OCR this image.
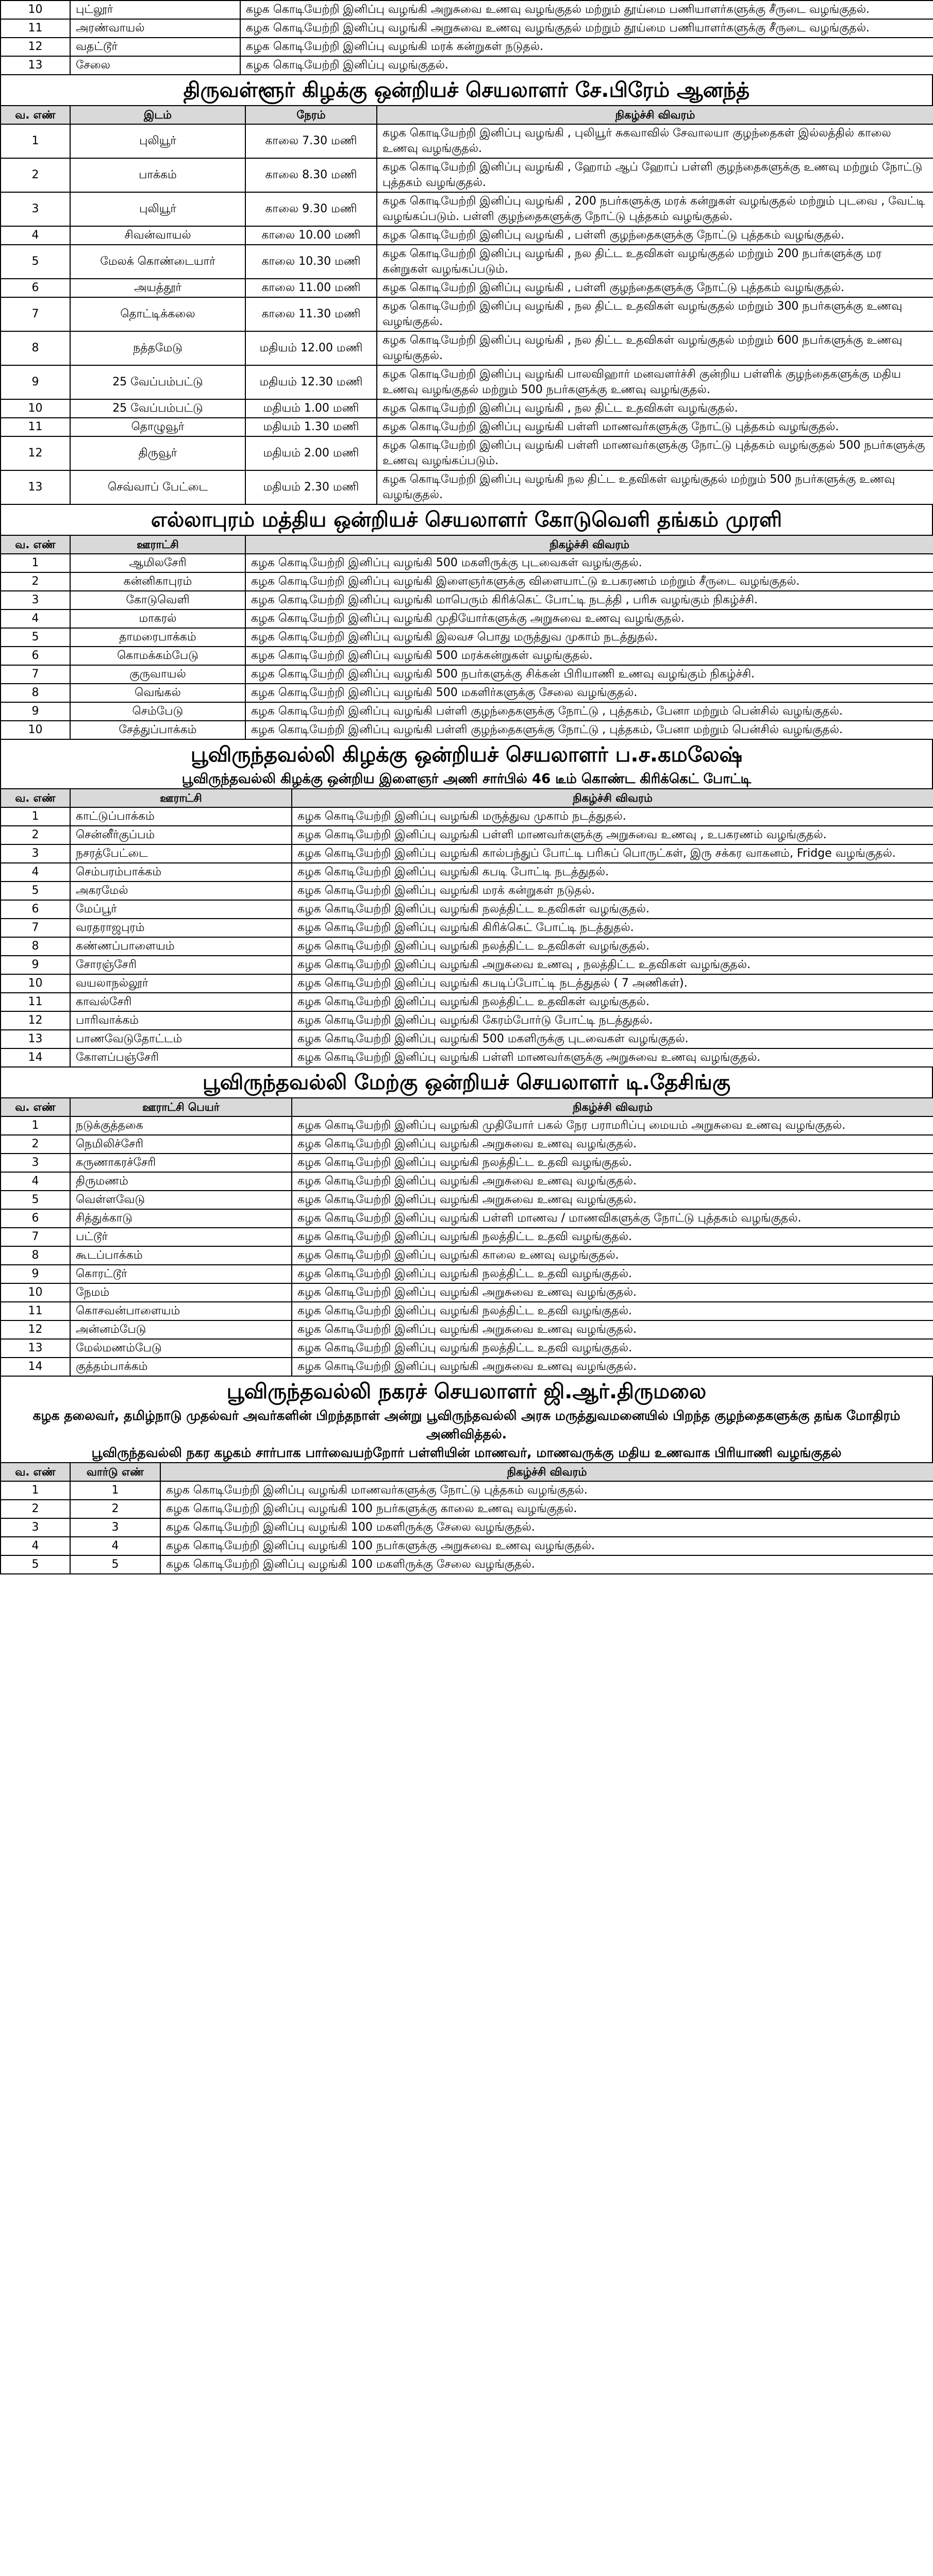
10	புட்லூர்	கழக கொடியேற்றி இனிப்பு வழங்கி அறுசுவை உணவு வழங்குதல் மற்றும் தூய்மை பணியாளர்களுக்கு சீருடை வழங்குதல்.
11	அரண்வாயல்	கழக கொடியேற்றி இனிப்பு வழங்கி அறுசுவை உணவு வழங்குதல் மற்றும் தூய்மை பணியாளர்களுக்கு சீருடை வழங்குதல்.
12	வதட்டூர்	கழக கொடியேற்றி இனிப்பு வழங்கி மரக் கன்றுகள் நடுதல்.
13	சேலை	கழக கொடியேற்றி இனிப்பு வழங்குதல்.
திருவள்ளூர் கிழக்கு ஒன்றியச் செயலாளர் சே.பிரேம் ஆனந்த்
வ. எண்	இடம்	நேரம்	நிகழ்ச்சி விவரம்
1	புலியூர்	காலை 7.30 மணி	கழக கொடியேற்றி இனிப்பு வழங்கி , புலியூர் சுகவாவில் சேவாலயா குழந்தைகள் இல்லத்தில் காலை உணவு வழங்குதல்.
2	பாக்கம்	காலை 8.30 மணி	கழக கொடியேற்றி இனிப்பு வழங்கி , ஹோம் ஆப் ஹோப் பள்ளி குழந்தைகளுக்கு உணவு மற்றும் நோட்டு புத்தகம் வழங்குதல்.
3	புலியூர்	காலை 9.30 மணி	கழக கொடியேற்றி இனிப்பு வழங்கி , 200 நபர்களுக்கு மரக் கன்றுகள் வழங்குதல் மற்றும் புடவை , வேட்டி வழங்கப்படும். பள்ளி குழந்தைகளுக்கு நோட்டு புத்தகம் வழங்குதல்.
4	சிவன்வாயல்	காலை 10.00 மணி	கழக கொடியேற்றி இனிப்பு வழங்கி , பள்ளி குழந்தைகளுக்கு நோட்டு புத்தகம் வழங்குதல்.
5	மேலக் கொண்டையார்	காலை 10.30 மணி	கழக கொடியேற்றி இனிப்பு வழங்கி , நல திட்ட உதவிகள் வழங்குதல் மற்றும் 200 நபர்களுக்கு மர கன்றுகள் வழங்கப்படும்.
6	அயத்தூர்	காலை 11.00 மணி	கழக கொடியேற்றி இனிப்பு வழங்கி , பள்ளி குழந்தைகளுக்கு நோட்டு புத்தகம் வழங்குதல்.
7	தொட்டிக்கலை	காலை 11.30 மணி	கழக கொடியேற்றி இனிப்பு வழங்கி , நல திட்ட உதவிகள் வழங்குதல் மற்றும் 300 நபர்களுக்கு உணவு வழங்குதல்.
8	நத்தமேடு	மதியம் 12.00 மணி	கழக கொடியேற்றி இனிப்பு வழங்கி , நல திட்ட உதவிகள் வழங்குதல் மற்றும் 600 நபர்களுக்கு உணவு வழங்குதல்.
9	25 வேப்பம்பட்டு	மதியம் 12.30 மணி	கழக கொடியேற்றி இனிப்பு வழங்கி பாலவிஹார் மனவளர்ச்சி குன்றிய பள்ளிக் குழந்தைகளுக்கு மதிய உணவு வழங்குதல் மற்றும் 500 நபர்களுக்கு உணவு வழங்குதல்.
10	25 வேப்பம்பட்டு	மதியம் 1.00 மணி	கழக கொடியேற்றி இனிப்பு வழங்கி , நல திட்ட உதவிகள் வழங்குதல்.
11	தொழுவூர்	மதியம் 1.30 மணி	கழக கொடியேற்றி இனிப்பு வழங்கி பள்ளி மாணவர்களுக்கு நோட்டு புத்தகம் வழங்குதல்.
12	திருவூர்	மதியம் 2.00 மணி	கழக கொடியேற்றி இனிப்பு வழங்கி பள்ளி மாணவர்களுக்கு நோட்டு புத்தகம் வழங்குதல் 500 நபர்களுக்கு உணவு வழங்கப்படும்.
13	செவ்வாப் பேட்டை	மதியம் 2.30 மணி	கழக கொடியேற்றி இனிப்பு வழங்கி நல திட்ட உதவிகள் வழங்குதல் மற்றும் 500 நபர்களுக்கு உணவு வழங்குதல்.
எல்லாபுரம் மத்திய ஒன்றியச் செயலாளர் கோடுவெளி தங்கம் முரளி
வ. எண்	ஊராட்சி	நிகழ்ச்சி விவரம்
1	ஆமிலசேரி	கழக கொடியேற்றி இனிப்பு வழங்கி 500 மகளிருக்கு புடவைகள் வழங்குதல்.
2	கன்னிகாபுரம்	கழக கொடியேற்றி இனிப்பு வழங்கி இளைஞர்களுக்கு விளையாட்டு உபகரணம் மற்றும் சீருடை வழங்குதல்.
3	கோடுவெளி	கழக கொடியேற்றி இனிப்பு வழங்கி மாபெரும் கிரிக்கெட் போட்டி நடத்தி , பரிசு வழங்கும் நிகழ்ச்சி.
4	மாகரல்	கழக கொடியேற்றி இனிப்பு வழங்கி முதியோர்களுக்கு அறுசுவை உணவு வழங்குதல்.
5	தாமரைபாக்கம்	கழக கொடியேற்றி இனிப்பு வழங்கி இலவச பொது மருத்துவ முகாம் நடத்துதல்.
6	கொமக்கம்பேடு	கழக கொடியேற்றி இனிப்பு வழங்கி 500 மரக்கன்றுகள் வழங்குதல்.
7	குருவாயல்	கழக கொடியேற்றி இனிப்பு வழங்கி 500 நபர்களுக்கு சிக்கன் பிரியாணி உணவு வழங்கும் நிகழ்ச்சி.
8	வெங்கல்	கழக கொடியேற்றி இனிப்பு வழங்கி 500 மகளிர்களுக்கு சேலை வழங்குதல்.
9	செம்பேடு	கழக கொடியேற்றி இனிப்பு வழங்கி பள்ளி குழந்தைகளுக்கு நோட்டு , புத்தகம், பேனா மற்றும் பென்சில் வழங்குதல்.
10	சேத்துப்பாக்கம்	கழக கொடியேற்றி இனிப்பு வழங்கி பள்ளி குழந்தைகளுக்கு நோட்டு , புத்தகம், பேனா மற்றும் பென்சில் வழங்குதல்.
பூவிருந்தவல்லி கிழக்கு ஒன்றியச் செயலாளர் ப.ச.கமலேஷ்
பூவிருந்தவல்லி கிழக்கு ஒன்றிய இளைஞர் அணி சார்பில் 46 டீம் கொண்ட கிரிக்கெட் போட்டி
வ. எண்	ஊராட்சி	நிகழ்ச்சி விவரம்
1	காட்டுப்பாக்கம்	கழக கொடியேற்றி இனிப்பு வழங்கி மருத்துவ முகாம் நடத்துதல்.
2	சென்னீர்குப்பம்	கழக கொடியேற்றி இனிப்பு வழங்கி பள்ளி மாணவர்களுக்கு அறுசுவை உணவு , உபகரணம் வழங்குதல்.
3	நசரத்பேட்டை	கழக கொடியேற்றி இனிப்பு வழங்கி கால்பந்துப் போட்டி பரிசுப் பொருட்கள், இரு சக்கர வாகனம், Fridge வழங்குதல்.
4	செம்பரம்பாக்கம்	கழக கொடியேற்றி இனிப்பு வழங்கி கபடி போட்டி நடத்துதல்.
5	அகரமேல்	கழக கொடியேற்றி இனிப்பு வழங்கி மரக் கன்றுகள் நடுதல்.
6	மேப்பூர்	கழக கொடியேற்றி இனிப்பு வழங்கி நலத்திட்ட உதவிகள் வழங்குதல்.
7	வரதராஜபுரம்	கழக கொடியேற்றி இனிப்பு வழங்கி கிரிக்கெட் போட்டி நடத்துதல்.
8	கண்ணப்பாளையம்	கழக கொடியேற்றி இனிப்பு வழங்கி நலத்திட்ட உதவிகள் வழங்குதல்.
9	சோரஞ்சேரி	கழக கொடியேற்றி இனிப்பு வழங்கி அறுசுவை உணவு , நலத்திட்ட உதவிகள் வழங்குதல்.
10	வயலாநல்லூர்	கழக கொடியேற்றி இனிப்பு வழங்கி கபடிப்போட்டி நடத்துதல் ( 7 அணிகள்).
11	காவல்சேரி	கழக கொடியேற்றி இனிப்பு வழங்கி நலத்திட்ட உதவிகள் வழங்குதல்.
12	பாரிவாக்கம்	கழக கொடியேற்றி இனிப்பு வழங்கி கேரம்போர்டு போட்டி நடத்துதல்.
13	பாணவேடுதோட்டம்	கழக கொடியேற்றி இனிப்பு வழங்கி 500 மகளிருக்கு புடவைகள் வழங்குதல்.
14	கோளப்பஞ்சேரி	கழக கொடியேற்றி இனிப்பு வழங்கி பள்ளி மாணவர்களுக்கு அறுசுவை உணவு வழங்குதல்.
பூவிருந்தவல்லி மேற்கு ஒன்றியச் செயலாளர் டி.தேசிங்கு
வ. எண்	ஊராட்சி பெயர்	நிகழ்ச்சி விவரம்
1	நடுக்குத்தகை	கழக கொடியேற்றி இனிப்பு வழங்கி முதியோர் பகல் நேர பராமரிப்பு மையம் அறுசுவை உணவு வழங்குதல்.
2	நெமிலிச்சேரி	கழக கொடியேற்றி இனிப்பு வழங்கி அறுசுவை உணவு வழங்குதல்.
3	கருணாகரச்சேரி	கழக கொடியேற்றி இனிப்பு வழங்கி நலத்திட்ட உதவி வழங்குதல்.
4	திருமணம்	கழக கொடியேற்றி இனிப்பு வழங்கி அறுசுவை உணவு வழங்குதல்.
5	வெள்ளவேடு	கழக கொடியேற்றி இனிப்பு வழங்கி அறுசுவை உணவு வழங்குதல்.
6	சித்துக்காடு	கழக கொடியேற்றி இனிப்பு வழங்கி பள்ளி மாணவ / மாணவிகளுக்கு நோட்டு புத்தகம் வழங்குதல்.
7	பட்டூர்	கழக கொடியேற்றி இனிப்பு வழங்கி நலத்திட்ட உதவி வழங்குதல்.
8	கூடப்பாக்கம்	கழக கொடியேற்றி இனிப்பு வழங்கி காலை உணவு வழங்குதல்.
9	கொரட்டூர்	கழக கொடியேற்றி இனிப்பு வழங்கி நலத்திட்ட உதவி வழங்குதல்.
10	நேமம்	கழக கொடியேற்றி இனிப்பு வழங்கி அறுசுவை உணவு வழங்குதல்.
11	கொசவன்பாளையம்	கழக கொடியேற்றி இனிப்பு வழங்கி நலத்திட்ட உதவி வழங்குதல்.
12	அன்னம்பேடு	கழக கொடியேற்றி இனிப்பு வழங்கி அறுசுவை உணவு வழங்குதல்.
13	மேல்மணம்பேடு	கழக கொடியேற்றி இனிப்பு வழங்கி நலத்திட்ட உதவி வழங்குதல்.
14	குத்தம்பாக்கம்	கழக கொடியேற்றி இனிப்பு வழங்கி அறுசுவை உணவு வழங்குதல்.
பூவிருந்தவல்லி நகரச் செயலாளர் ஜி.ஆர்.திருமலை
கழக தலைவர், தமிழ்நாடு முதல்வர் அவர்களின் பிறந்தநாள் அன்று பூவிருந்தவல்லி அரசு மருத்துவமனையில் பிறந்த குழந்தைகளுக்கு தங்க மோதிரம் அணிவித்தல்.
பூவிருந்தவல்லி நகர கழகம் சார்பாக பார்வையற்றோர் பள்ளியின் மாணவர், மாணவருக்கு மதிய உணவாக பிரியாணி வழங்குதல்
வ. எண்	வார்டு எண்	நிகழ்ச்சி விவரம்
1	1	கழக கொடியேற்றி இனிப்பு வழங்கி மாணவர்களுக்கு நோட்டு புத்தகம் வழங்குதல்.
2	2	கழக கொடியேற்றி இனிப்பு வழங்கி 100 நபர்களுக்கு காலை உணவு வழங்குதல்.
3	3	கழக கொடியேற்றி இனிப்பு வழங்கி 100 மகளிருக்கு சேலை வழங்குதல்.
4	4	கழக கொடியேற்றி இனிப்பு வழங்கி 100 நபர்களுக்கு அறுசுவை உணவு வழங்குதல்.
5	5	கழக கொடியேற்றி இனிப்பு வழங்கி 100 மகளிருக்கு சேலை வழங்குதல்.
